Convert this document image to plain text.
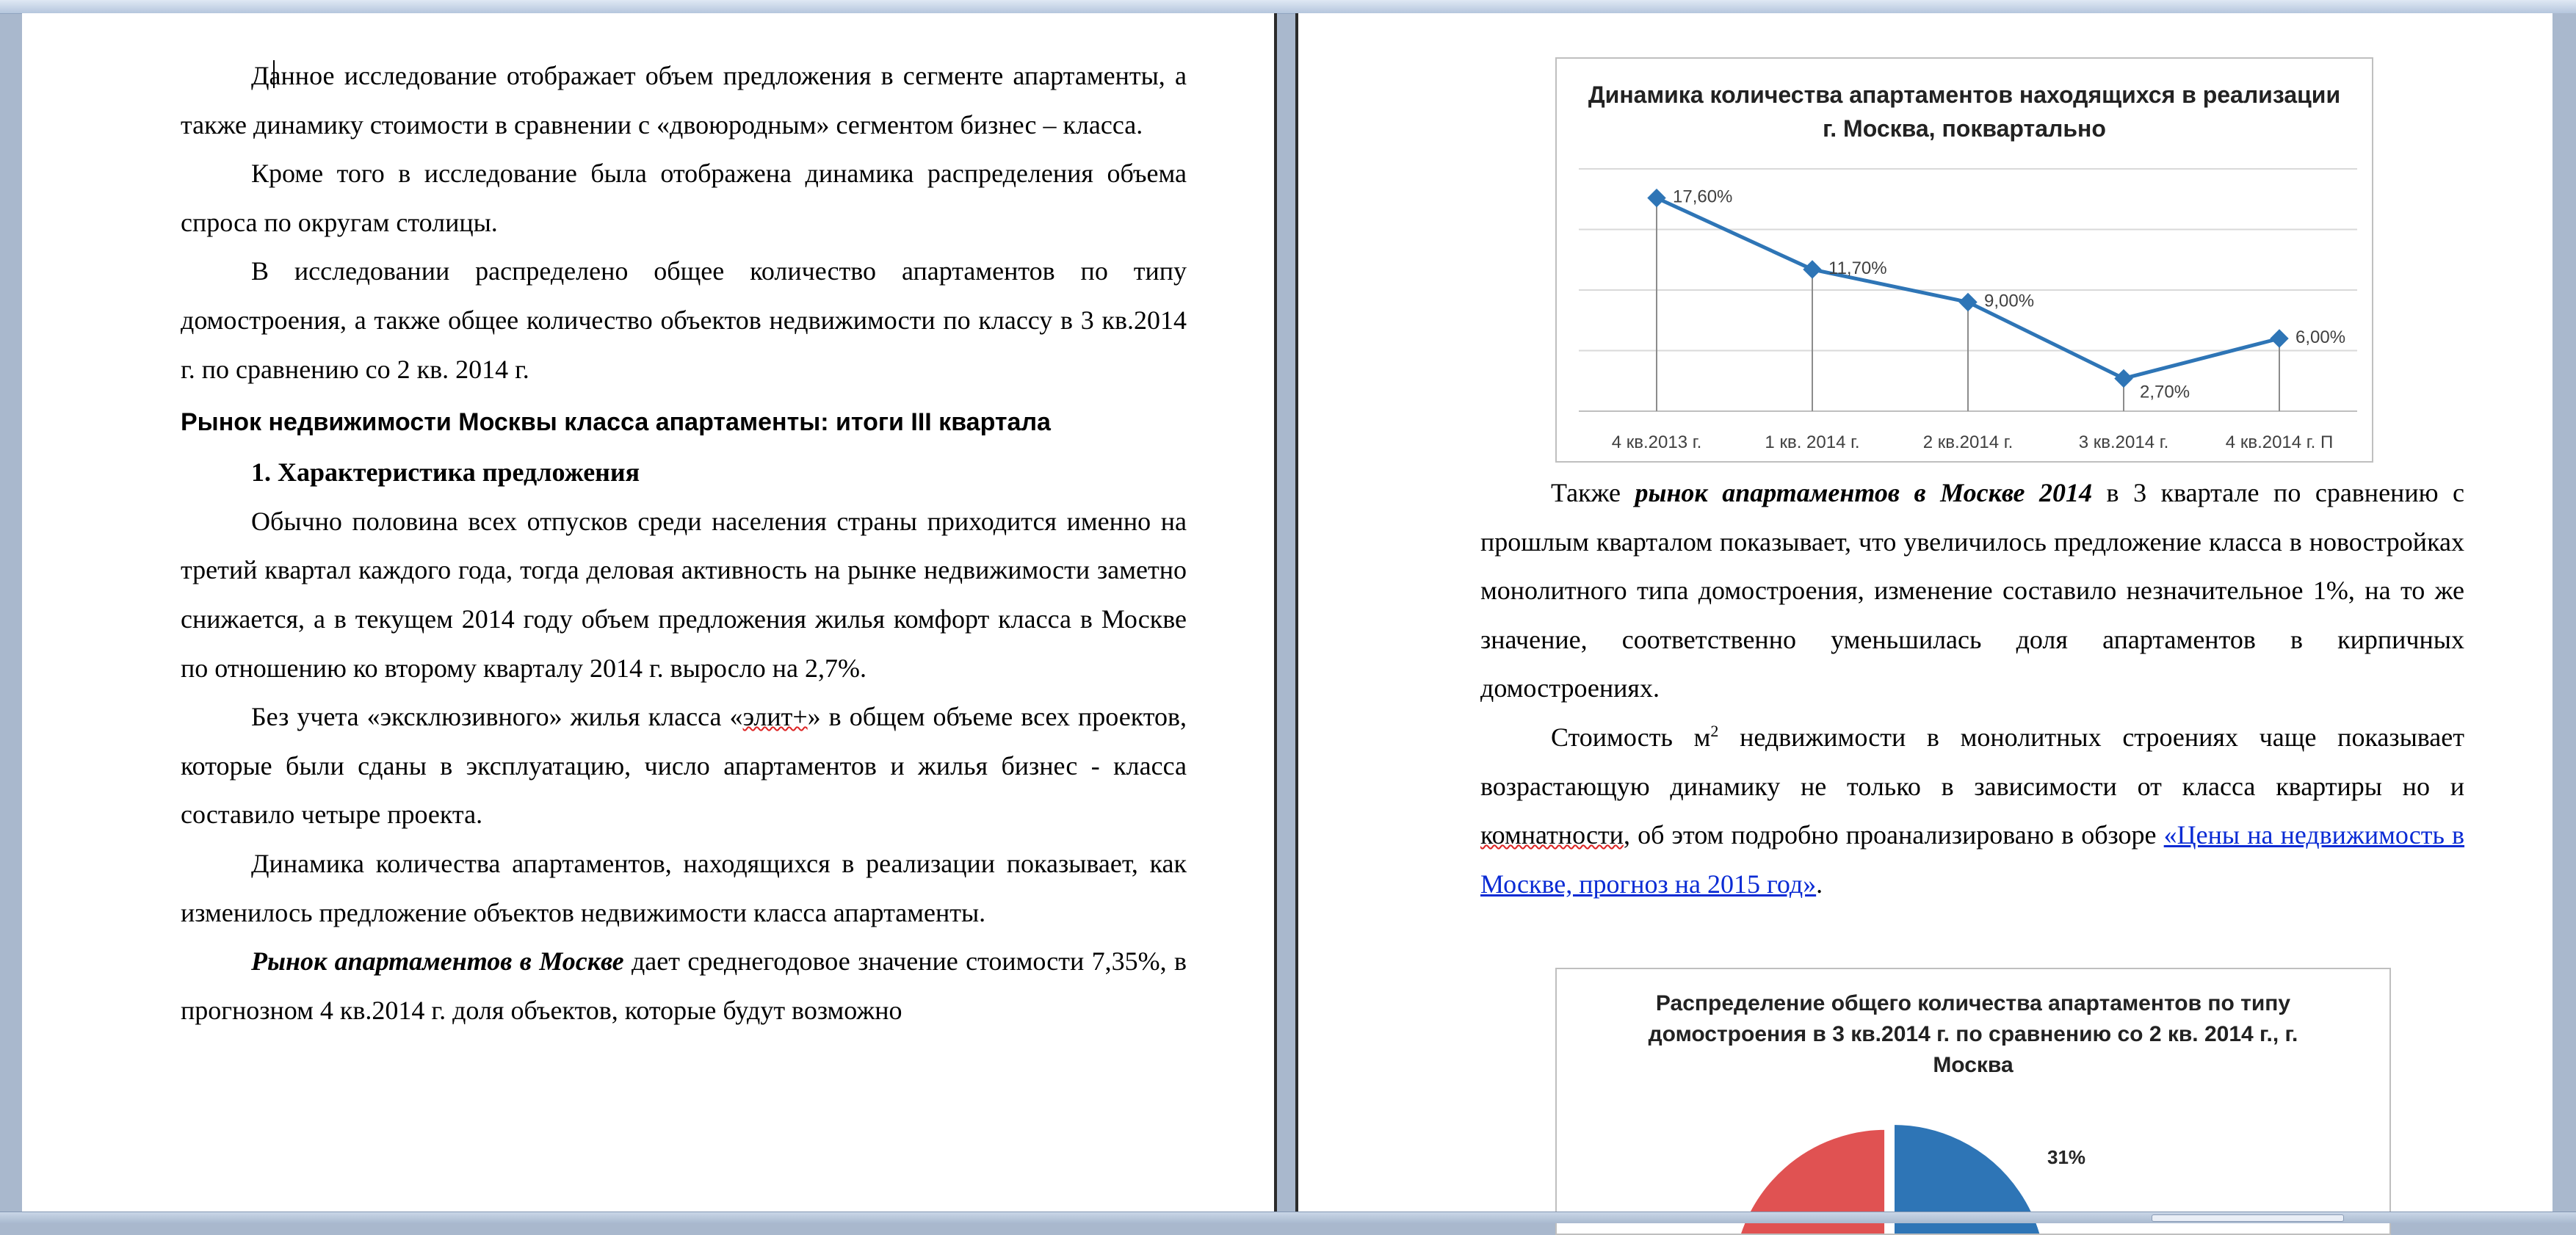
Данное исследование отображает объем предложения в сегменте апартаменты, а также динамику стоимости в сравнении с «двоюродным» сегментом бизнес – класса.

Кроме того в исследование была отображена динамика распределения объема спроса по округам столицы.

В исследовании распределено общее количество апартаментов по типу домостроения, а также общее количество объектов недвижимости по классу в 3 кв.2014 г. по сравнению со 2 кв. 2014 г.

Рынок недвижимости Москвы класса апартаменты: итоги III квартала

1. Характеристика предложения

Обычно половина всех отпусков среди населения страны приходится именно на третий квартал каждого года, тогда деловая активность на рынке недвижимости заметно снижается, а в текущем 2014 году объем предложения жилья комфорт класса в Москве по отношению ко второму кварталу 2014 г. выросло на 2,7%.

Без учета «эксклюзивного» жилья класса «элит+» в общем объеме всех проектов, которые были сданы в эксплуатацию, число апартаментов и жилья бизнес - класса составило четыре проекта.

Динамика количества апартаментов, находящихся в реализации показывает, как изменилось предложение объектов недвижимости класса апартаменты.

Рынок апартаментов в Москве дает среднегодовое значение стоимости 7,35%, в прогнозном 4 кв.2014 г. доля объектов, которые будут возможно

Динамика количества апартаментов находящихся в реализации г. Москва, поквартально
17,60%
4 кв.2013 г.
11,70%
1 кв. 2014 г.
9,00%
2 кв.2014 г.
2,70%
3 кв.2014 г.
6,00%
4 кв.2014 г. П

Также рынок апартаментов в Москве 2014 в 3 квартале по сравнению с прошлым кварталом показывает, что увеличилось предложение класса в новостройках монолитного типа домостроения, изменение составило незначительное 1%, на то же значение, соответственно уменьшилась доля апартаментов в кирпичных домостроениях.

Стоимость $м^2$ недвижимости в монолитных строениях чаще показывает возрастающую динамику не только в зависимости от класса квартиры но и комнатности, об этом подробно проанализировано в обзоре «Цены на недвижимость в Москве, прогноз на 2015 год».

Распределение общего количества апартаментов по типу домостроения в 3 кв.2014 г. по сравнению со 2 кв. 2014 г., г. Москва
31%
